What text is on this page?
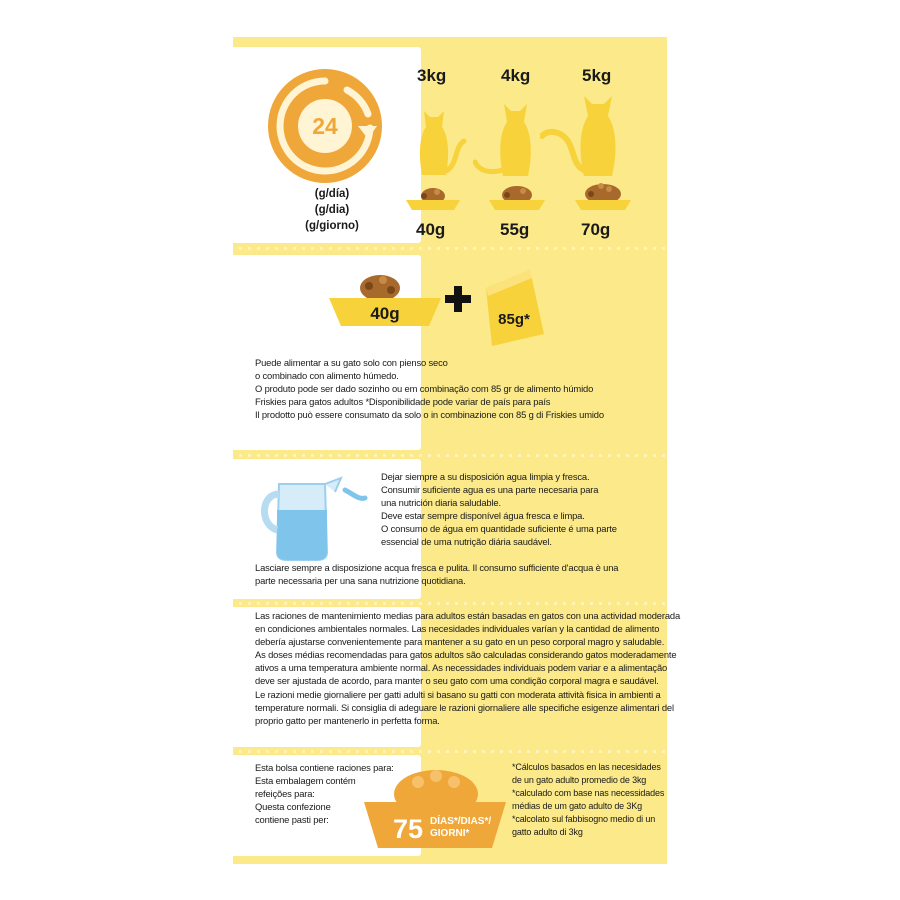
24
(g/día)
(g/dia)
(g/giorno)
3kg	4kg	5kg
40g	55g	70g
40g	85g*
Puede alimentar a su gato solo con pienso seco
o combinado con alimento húmedo.
O produto pode ser dado sozinho ou em combinação com 85 gr de alimento húmido
Friskies para gatos adultos *Disponibilidade pode variar de país para país
Il prodotto può essere consumato da solo o in combinazione con 85 g di Friskies umido
Dejar siempre a su disposición agua limpia y fresca.
Consumir suficiente agua es una parte necesaria para
una nutrición diaria saludable.
Deve estar sempre disponível água fresca e limpa.
O consumo de água em quantidade suficiente é uma parte
essencial de uma nutrição diária saudável.
Lasciare sempre a disposizione acqua fresca e pulita. Il consumo sufficiente d'acqua è una
parte necessaria per una sana nutrizione quotidiana.
Las raciones de mantenimiento medias para adultos están basadas en gatos con una actividad moderada
en condiciones ambientales normales. Las necesidades individuales varían y la cantidad de alimento
debería ajustarse convenientemente para mantener a su gato en un peso corporal magro y saludable.
As doses médias recomendadas para gatos adultos são calculadas considerando gatos moderadamente
ativos a uma temperatura ambiente normal. As necessidades individuais podem variar e a alimentação
deve ser ajustada de acordo, para manter o seu gato com uma condição corporal magra e saudável.
Le razioni medie giornaliere per gatti adulti si basano su gatti con moderata attività fisica in ambienti a
temperature normali. Si consiglia di adeguare le razioni giornaliere alle specifiche esigenze alimentari del
proprio gatto per mantenerlo in perfetta forma.
Esta bolsa contiene raciones para:
Esta embalagem contém
refeições para:
Questa confezione
contiene pasti per:	75 DÍAS*/DIAS*/
GIORNI*
*Cálculos basados en las necesidades
de un gato adulto promedio de 3kg
*calculado com base nas necessidades
médias de um gato adulto de 3Kg
*calcolato sul fabbisogno medio di un
gatto adulto di 3kg
